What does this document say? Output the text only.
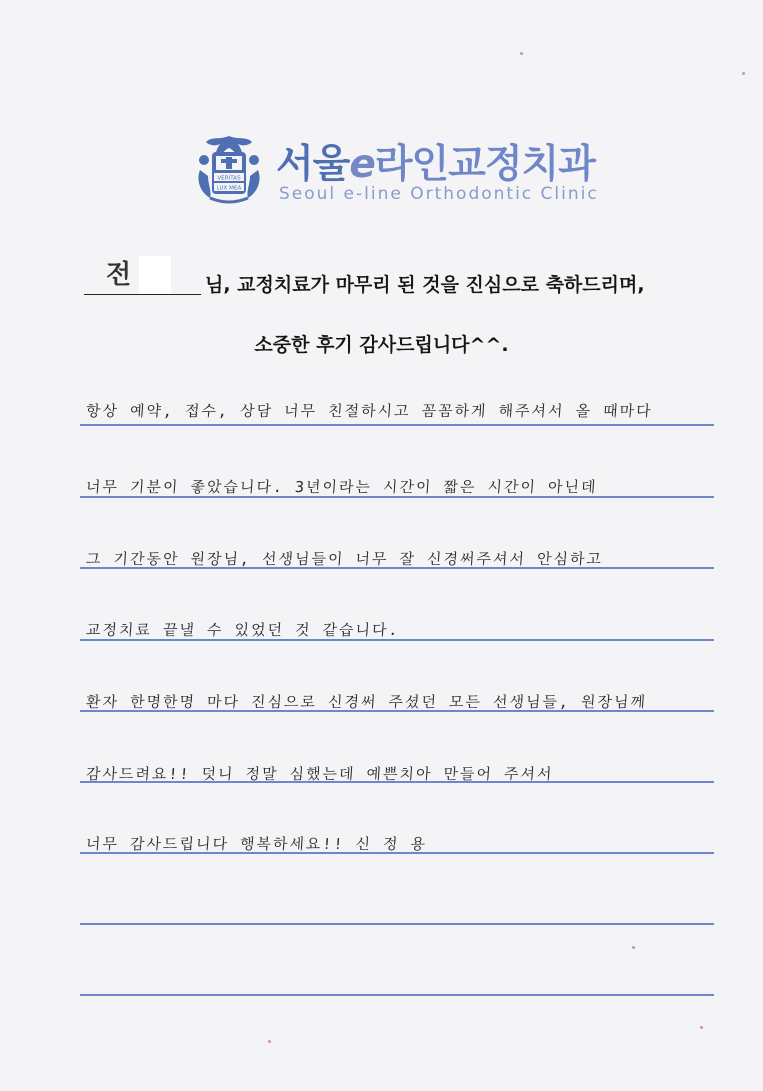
VERITAS
LUX MEA
서울e라인교정치과
Seoul e-line Orthodontic Clinic
전	님, 교정치료가 마무리 된 것을 진심으로 축하드리며,
소중한 후기 감사드립니다^^.
항상 예약, 접수, 상담 너무 친절하시고 꼼꼼하게 해주셔서 올 때마다
너무 기분이 좋았습니다. 3년이라는 시간이 짧은 시간이 아닌데
그 기간동안 원장님, 선생님들이 너무 잘 신경써주셔서 안심하고
교정치료 끝낼 수 있었던 것 같습니다.
환자 한명한명 마다 진심으로 신경써 주셨던 모든 선생님들, 원장님께
감사드려요!! 덧니 정말 심했는데 예쁜치아 만들어 주셔서
너무 감사드립니다 행복하세요!! 신 정 용
